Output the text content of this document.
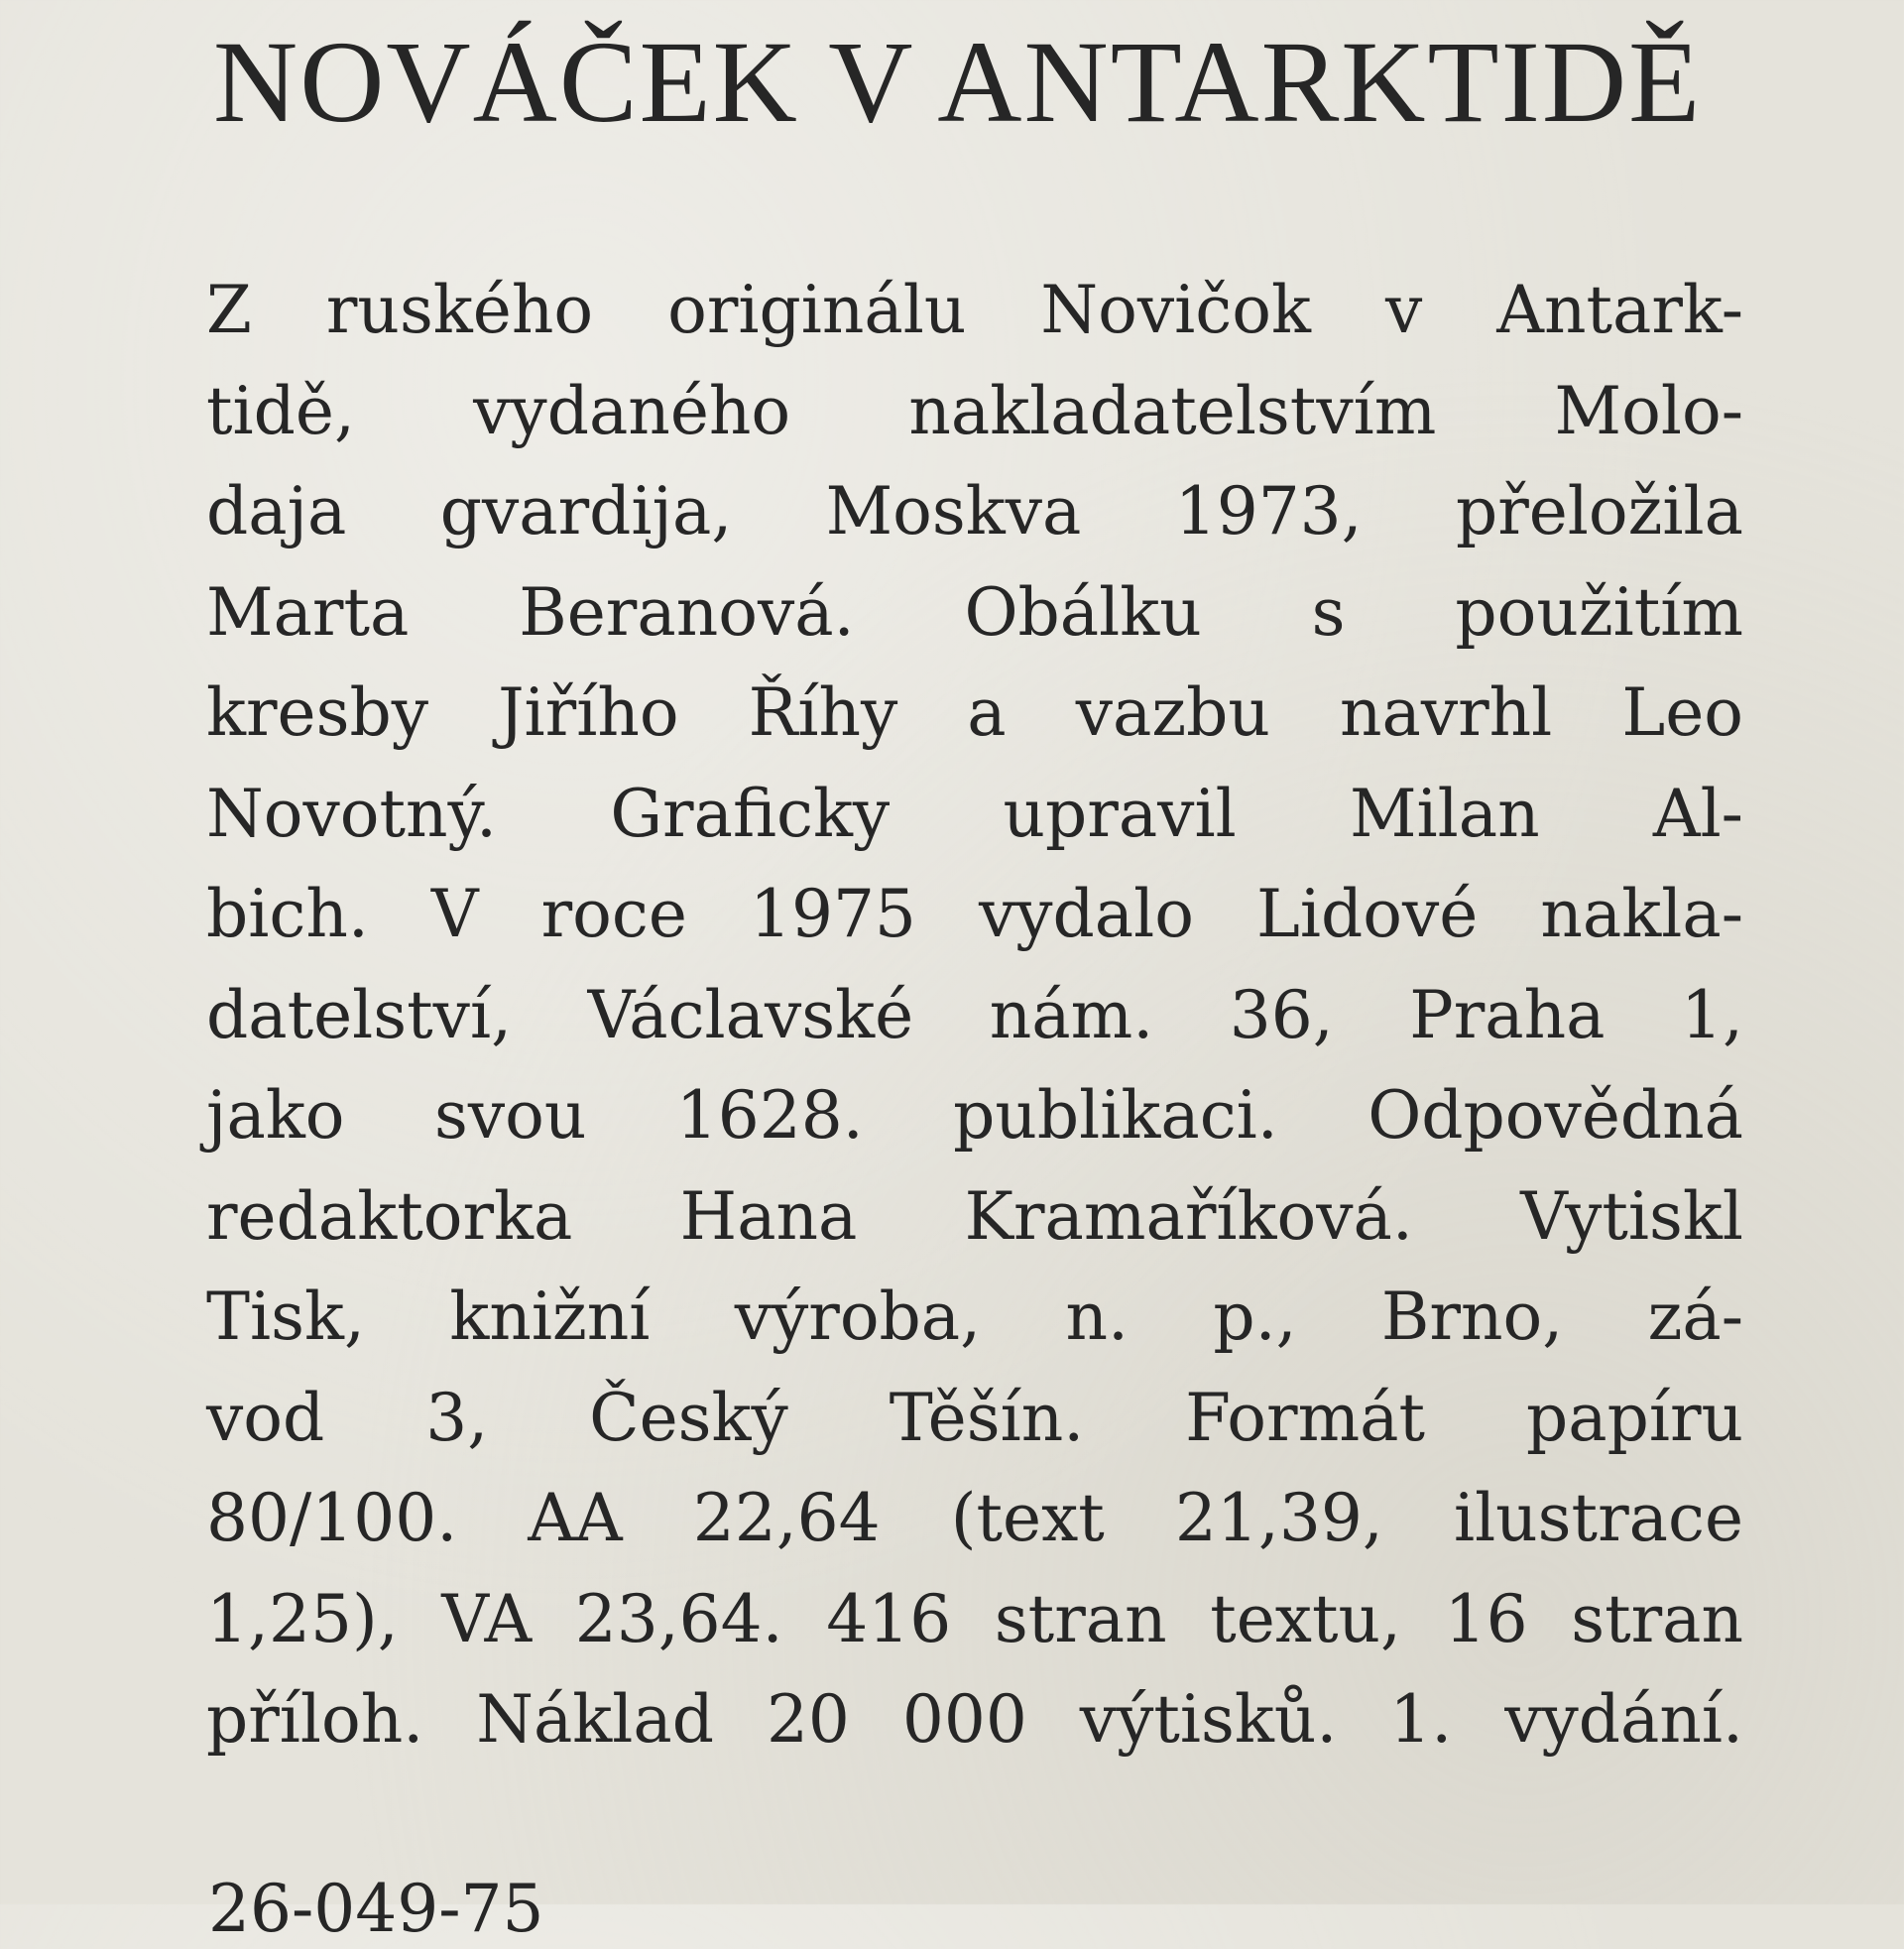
NOVÁČEK V ANTARKTIDĚ
Z ruského originálu Novičok v Antark-
tidě, vydaného nakladatelstvím Molo-
daja gvardija, Moskva 1973, přeložila
Marta Beranová. Obálku s použitím
kresby Jiřího Říhy a vazbu navrhl Leo
Novotný. Graficky upravil Milan Al-
bich. V roce 1975 vydalo Lidové nakla-
datelství, Václavské nám. 36, Praha 1,
jako svou 1628. publikaci. Odpovědná
redaktorka Hana Kramaříková. Vytiskl
Tisk, knižní výroba, n. p., Brno, zá-
vod 3, Český Těšín. Formát papíru
80/100. AA 22,64 (text 21,39, ilustrace
1,25), VA 23,64. 416 stran textu, 16 stran
příloh. Náklad 20 000 výtisků. 1. vydání.

26-049-75
